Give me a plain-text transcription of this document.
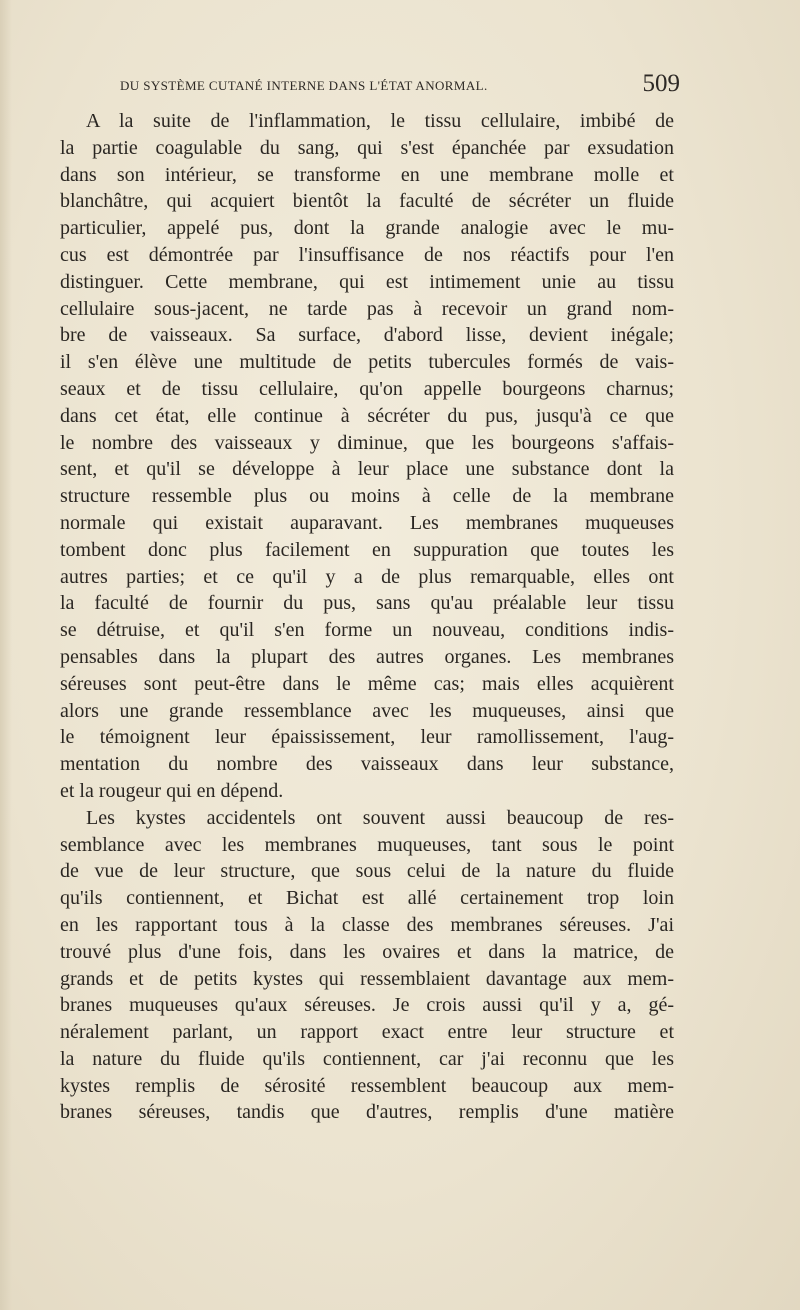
DU SYSTÈME CUTANÉ INTERNE DANS L'ÉTAT ANORMAL.	509
A la suite de l'inflammation, le tissu cellulaire, imbibé de
la partie coagulable du sang, qui s'est épanchée par exsudation
dans son intérieur, se transforme en une membrane molle et
blanchâtre, qui acquiert bientôt la faculté de sécréter un fluide
particulier, appelé pus, dont la grande analogie avec le mu-
cus est démontrée par l'insuffisance de nos réactifs pour l'en
distinguer. Cette membrane, qui est intimement unie au tissu
cellulaire sous-jacent, ne tarde pas à recevoir un grand nom-
bre de vaisseaux. Sa surface, d'abord lisse, devient inégale;
il s'en élève une multitude de petits tubercules formés de vais-
seaux et de tissu cellulaire, qu'on appelle bourgeons charnus;
dans cet état, elle continue à sécréter du pus, jusqu'à ce que
le nombre des vaisseaux y diminue, que les bourgeons s'affais-
sent, et qu'il se développe à leur place une substance dont la
structure ressemble plus ou moins à celle de la membrane
normale qui existait auparavant. Les membranes muqueuses
tombent donc plus facilement en suppuration que toutes les
autres parties; et ce qu'il y a de plus remarquable, elles ont
la faculté de fournir du pus, sans qu'au préalable leur tissu
se détruise, et qu'il s'en forme un nouveau, conditions indis-
pensables dans la plupart des autres organes. Les membranes
séreuses sont peut-être dans le même cas; mais elles acquièrent
alors une grande ressemblance avec les muqueuses, ainsi que
le témoignent leur épaississement, leur ramollissement, l'aug-
mentation du nombre des vaisseaux dans leur substance,
et la rougeur qui en dépend.
Les kystes accidentels ont souvent aussi beaucoup de res-
semblance avec les membranes muqueuses, tant sous le point
de vue de leur structure, que sous celui de la nature du fluide
qu'ils contiennent, et Bichat est allé certainement trop loin
en les rapportant tous à la classe des membranes séreuses. J'ai
trouvé plus d'une fois, dans les ovaires et dans la matrice, de
grands et de petits kystes qui ressemblaient davantage aux mem-
branes muqueuses qu'aux séreuses. Je crois aussi qu'il y a, gé-
néralement parlant, un rapport exact entre leur structure et
la nature du fluide qu'ils contiennent, car j'ai reconnu que les
kystes remplis de sérosité ressemblent beaucoup aux mem-
branes séreuses, tandis que d'autres, remplis d'une matière
